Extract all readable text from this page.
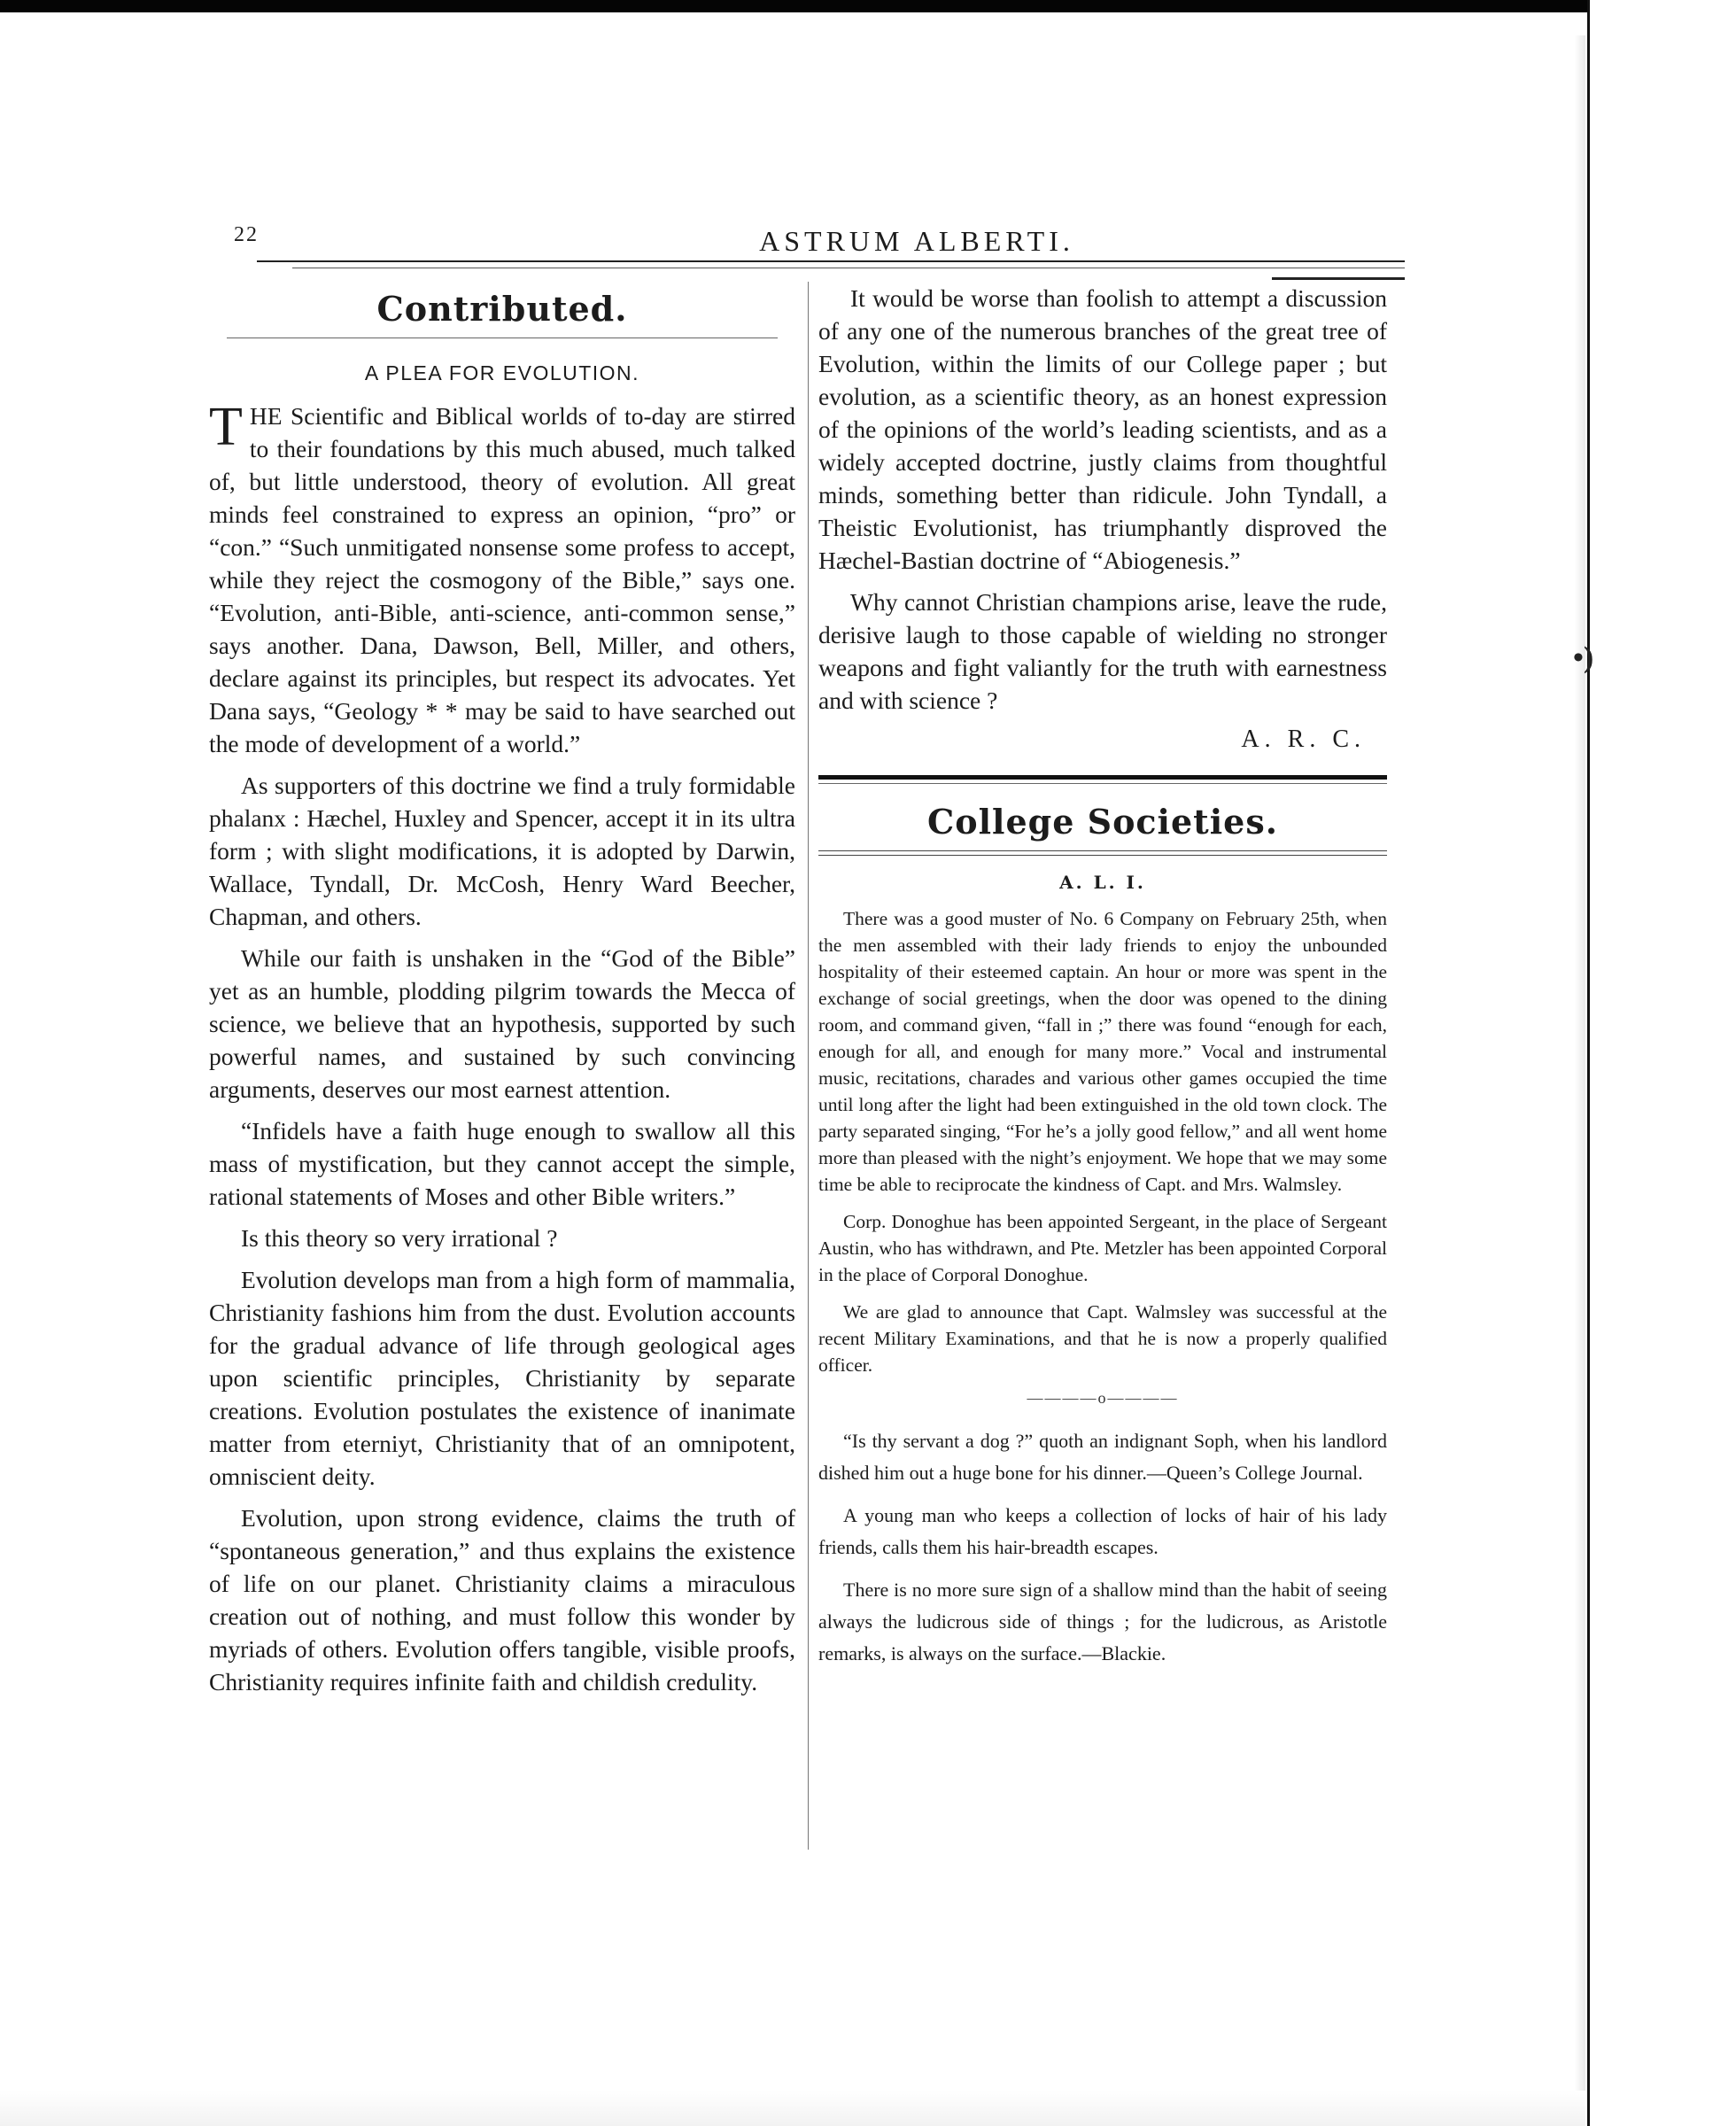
•)
22	ASTRUM ALBERTI.
Contributed.
A PLEA FOR EVOLUTION.

THE Scientific and Biblical worlds of to-day are stirred to their foundations by this much abused, much talked of, but little understood, theory of evolution. All great minds feel constrained to express an opinion, “pro” or “con.” “Such unmitigated nonsense some profess to accept, while they reject the cosmogony of the Bible,” says one. “Evolution, anti-Bible, anti-science, anti-common sense,” says another. Dana, Dawson, Bell, Miller, and others, declare against its principles, but respect its advocates. Yet Dana says, “Geology * * may be said to have searched out the mode of development of a world.”

As supporters of this doctrine we find a truly formidable phalanx : Hæchel, Huxley and Spencer, accept it in its ultra form ; with slight modifications, it is adopted by Darwin, Wallace, Tyndall, Dr. McCosh, Henry Ward Beecher, Chapman, and others.

While our faith is unshaken in the “God of the Bible” yet as an humble, plodding pilgrim towards the Mecca of science, we believe that an hypothesis, supported by such powerful names, and sustained by such convincing arguments, deserves our most earnest attention.

“Infidels have a faith huge enough to swallow all this mass of mystification, but they cannot accept the simple, rational statements of Moses and other Bible writers.”

Is this theory so very irrational ?

Evolution develops man from a high form of mammalia, Christianity fashions him from the dust. Evolution accounts for the gradual advance of life through geological ages upon scientific principles, Christianity by separate creations. Evolution postulates the existence of inanimate matter from eterniyt, Christianity that of an omnipotent, omniscient deity.

Evolution, upon strong evidence, claims the truth of “spontaneous generation,” and thus explains the existence of life on our planet. Christianity claims a miraculous creation out of nothing, and must follow this wonder by myriads of others. Evolution offers tangible, visible proofs, Christianity requires infinite faith and childish credulity.

It would be worse than foolish to attempt a discussion of any one of the numerous branches of the great tree of Evolution, within the limits of our College paper ; but evolution, as a scientific theory, as an honest expression of the opinions of the world’s leading scientists, and as a widely accepted doctrine, justly claims from thoughtful minds, something better than ridicule. John Tyndall, a Theistic Evolutionist, has triumphantly disproved the Hæchel-Bastian doctrine of “Abiogenesis.”

Why cannot Christian champions arise, leave the rude, derisive laugh to those capable of wielding no stronger weapons and fight valiantly for the truth with earnestness and with science ?

A. R. C.
College Societies.
A. L. I.

There was a good muster of No. 6 Company on February 25th, when the men assembled with their lady friends to enjoy the unbounded hospitality of their esteemed captain. An hour or more was spent in the exchange of social greetings, when the door was opened to the dining room, and command given, “fall in ;” there was found “enough for each, enough for all, and enough for many more.” Vocal and instrumental music, recitations, charades and various other games occupied the time until long after the light had been extinguished in the old town clock. The party separated singing, “For he’s a jolly good fellow,” and all went home more than pleased with the night’s enjoyment. We hope that we may some time be able to reciprocate the kindness of Capt. and Mrs. Walmsley.

Corp. Donoghue has been appointed Sergeant, in the place of Sergeant Austin, who has withdrawn, and Pte. Metzler has been appointed Corporal in the place of Corporal Donoghue.

We are glad to announce that Capt. Walmsley was successful at the recent Military Examinations, and that he is now a properly qualified officer.

————o————

“Is thy servant a dog ?” quoth an indignant Soph, when his landlord dished him out a huge bone for his dinner.—Queen’s College Journal.

A young man who keeps a collection of locks of hair of his lady friends, calls them his hair-breadth escapes.

There is no more sure sign of a shallow mind than the habit of seeing always the ludicrous side of things ; for the ludicrous, as Aristotle remarks, is always on the surface.—Blackie.
